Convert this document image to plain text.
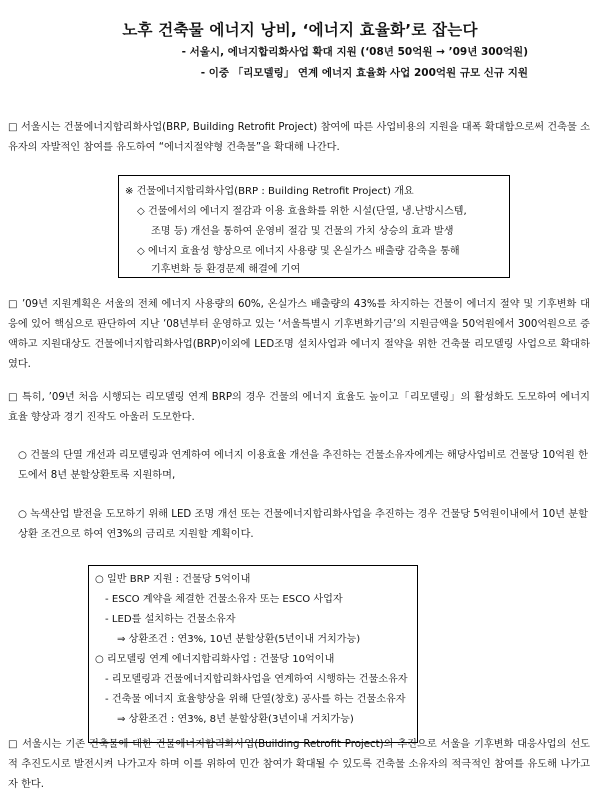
노후 건축물 에너지 낭비, ‘에너지 효율화’로 잡는다
- 서울시, 에너지합리화사업 확대 지원 (‘08년 50억원 → ’09년 300억원)
- 이중 「리모델링」 연계 에너지 효율화 사업 200억원 규모 신규 지원
□ 서울시는 건물에너지합리화사업(BRP, Building Retrofit Project) 참여에 따른 사업비용의 지원을 대폭 확대함으로써 건축물 소유자의 자발적인 참여를 유도하여 “에너지절약형 건축물”을 확대해 나간다.
※ 건물에너지합리화사업(BRP : Building Retrofit Project) 개요
◇ 건물에서의 에너지 절감과 이용 효율화를 위한 시설(단열, 냉.난방시스템,
조명 등) 개선을 통하여 운영비 절감 및 건물의 가치 상승의 효과 발생
◇ 에너지 효율성 향상으로 에너지 사용량 및 온실가스 배출량 감축을 통해
기후변화 등 환경문제 해결에 기여
□ ’09년 지원계획은 서울의 전체 에너지 사용량의 60%, 온실가스 배출량의 43%를 차지하는 건물이 에너지 절약 및 기후변화 대응에 있어 핵심으로 판단하여 지난 ’08년부터 운영하고 있는 ‘서울특별시 기후변화기금’의 지원금액을 50억원에서 300억원으로 증액하고 지원대상도 건물에너지합리화사업(BRP)이외에 LED조명 설치사업과 에너지 절약을 위한 건축물 리모델링 사업으로 확대하였다.
□ 특히, ’09년 처음 시행되는 리모델링 연계 BRP의 경우 건물의 에너지 효율도 높이고「리모델링」의 활성화도 도모하여 에너지 효율 향상과 경기 진작도 아울러 도모한다.
○ 건물의 단열 개선과 리모델링과 연계하여 에너지 이용효율 개선을 추진하는 건물소유자에게는 해당사업비로 건물당 10억원 한도에서 8년 분할상환토록 지원하며,
○ 녹색산업 발전을 도모하기 위해 LED 조명 개선 또는 건물에너지합리화사업을 추진하는 경우 건물당 5억원이내에서 10년 분할상환 조건으로 하여 연3%의 금리로 지원할 계획이다.
○ 일반 BRP 지원 : 건물당 5억이내
- ESCO 계약을 체결한 건물소유자 또는 ESCO 사업자
- LED를 설치하는 건물소유자
⇒ 상환조건 : 연3%, 10년 분할상환(5년이내 거치가능)
○ 리모델링 연계 에너지합리화사업 : 건물당 10억이내
- 리모델링과 건물에너지합리화사업을 연계하여 시행하는 건물소유자
- 건축물 에너지 효율향상을 위해 단열(창호) 공사를 하는 건물소유자
⇒ 상환조건 : 연3%, 8년 분할상환(3년이내 거치가능)
□ 서울시는 기존 건축물에 대한 건물에너지합리화사업(Building Retrofit Project)의 추진으로 서울을 기후변화 대응사업의 선도적 추진도시로 발전시켜 나가고자 하며 이를 위하여 민간 참여가 확대될 수 있도록 건축물 소유자의 적극적인 참여를 유도해 나가고자 한다.
